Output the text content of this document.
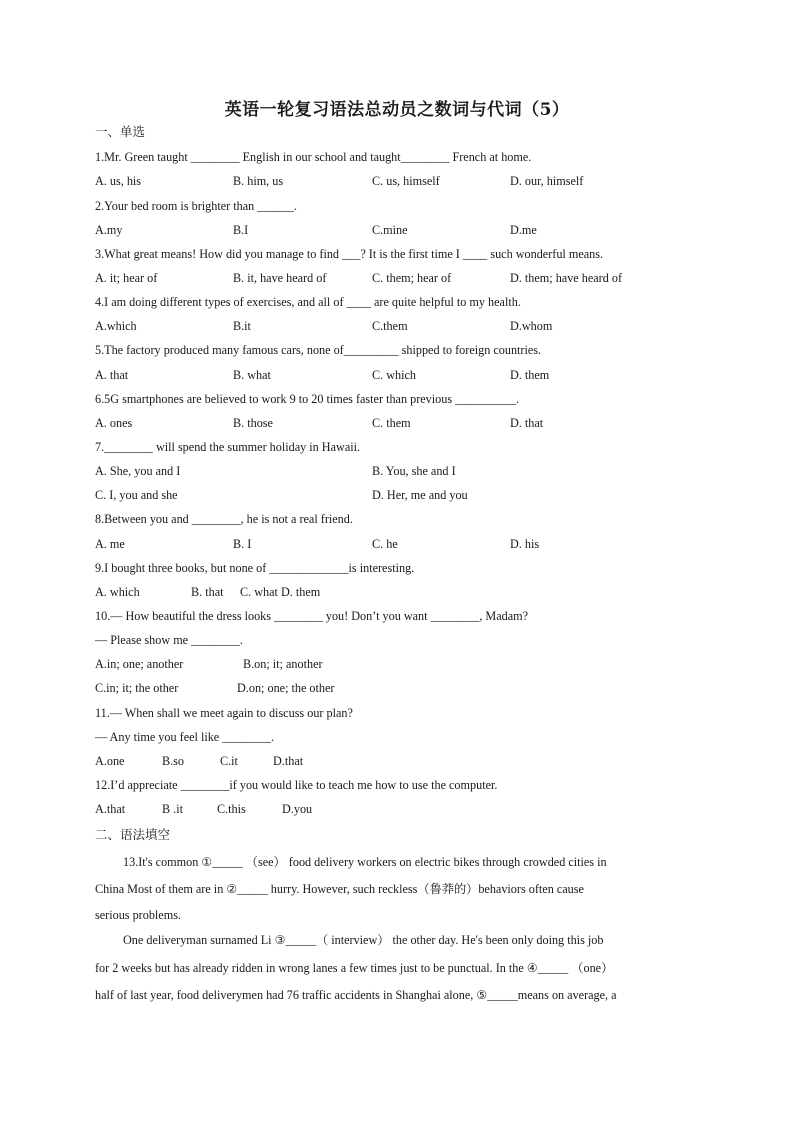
英语一轮复习语法总动员之数词与代词（5）
一、单选
1.Mr. Green taught ________ English in our school and taught________ French at home.
A. us, his	B. him, us	C. us, himself	D. our, himself
2.Your bed room is brighter than ______.
A.my	B.I	C.mine	D.me
3.What great means! How did you manage to find ___? It is the first time I ____ such wonderful means.
A. it; hear of	B. it, have heard of	C. them; hear of	D. them; have heard of
4.I am doing different types of exercises, and all of ____ are quite helpful to my health.
A.which	B.it	C.them	D.whom
5.The factory produced many famous cars, none of_________ shipped to foreign countries.
A. that	B. what	C. which	D. them
6.5G smartphones are believed to work 9 to 20 times faster than previous __________.
A. ones	B. those	C. them	D. that
7.________ will spend the summer holiday in Hawaii.
A. She, you and I	B. You, she and I
C. I, you and she	D. Her, me and you
8.Between you and ________, he is not a real friend.
A. me	B. I	C. he	D. his
9.I bought three books, but none of _____________is interesting.
A. which	B. that C. what D. them
10.— How beautiful the dress looks ________ you! Don’t you want ________, Madam?
— Please show me ________.
A.in; one; another	B.on; it; another
C.in; it; the other	D.on; one; the other
11.— When shall we meet again to discuss our plan?
— Any time you feel like ________.
A.one	B.so	C.it	D.that
12.I’d appreciate ________if you would like to teach me how to use the computer.
A.that	B .it	C.this	D.you
二、语法填空
13.It's common ①_____ （see） food delivery workers on electric bikes through crowded cities in
China Most of them are in ②_____ hurry. However, such reckless（鲁莽的）behaviors often cause
serious problems.
One deliveryman surnamed Li ③_____（ interview） the other day. He's been only doing this job
for 2 weeks but has already ridden in wrong lanes a few times just to be punctual. In the ④_____ （one）
half of last year, food deliverymen had 76 traffic accidents in Shanghai alone, ⑤_____means on average, a
